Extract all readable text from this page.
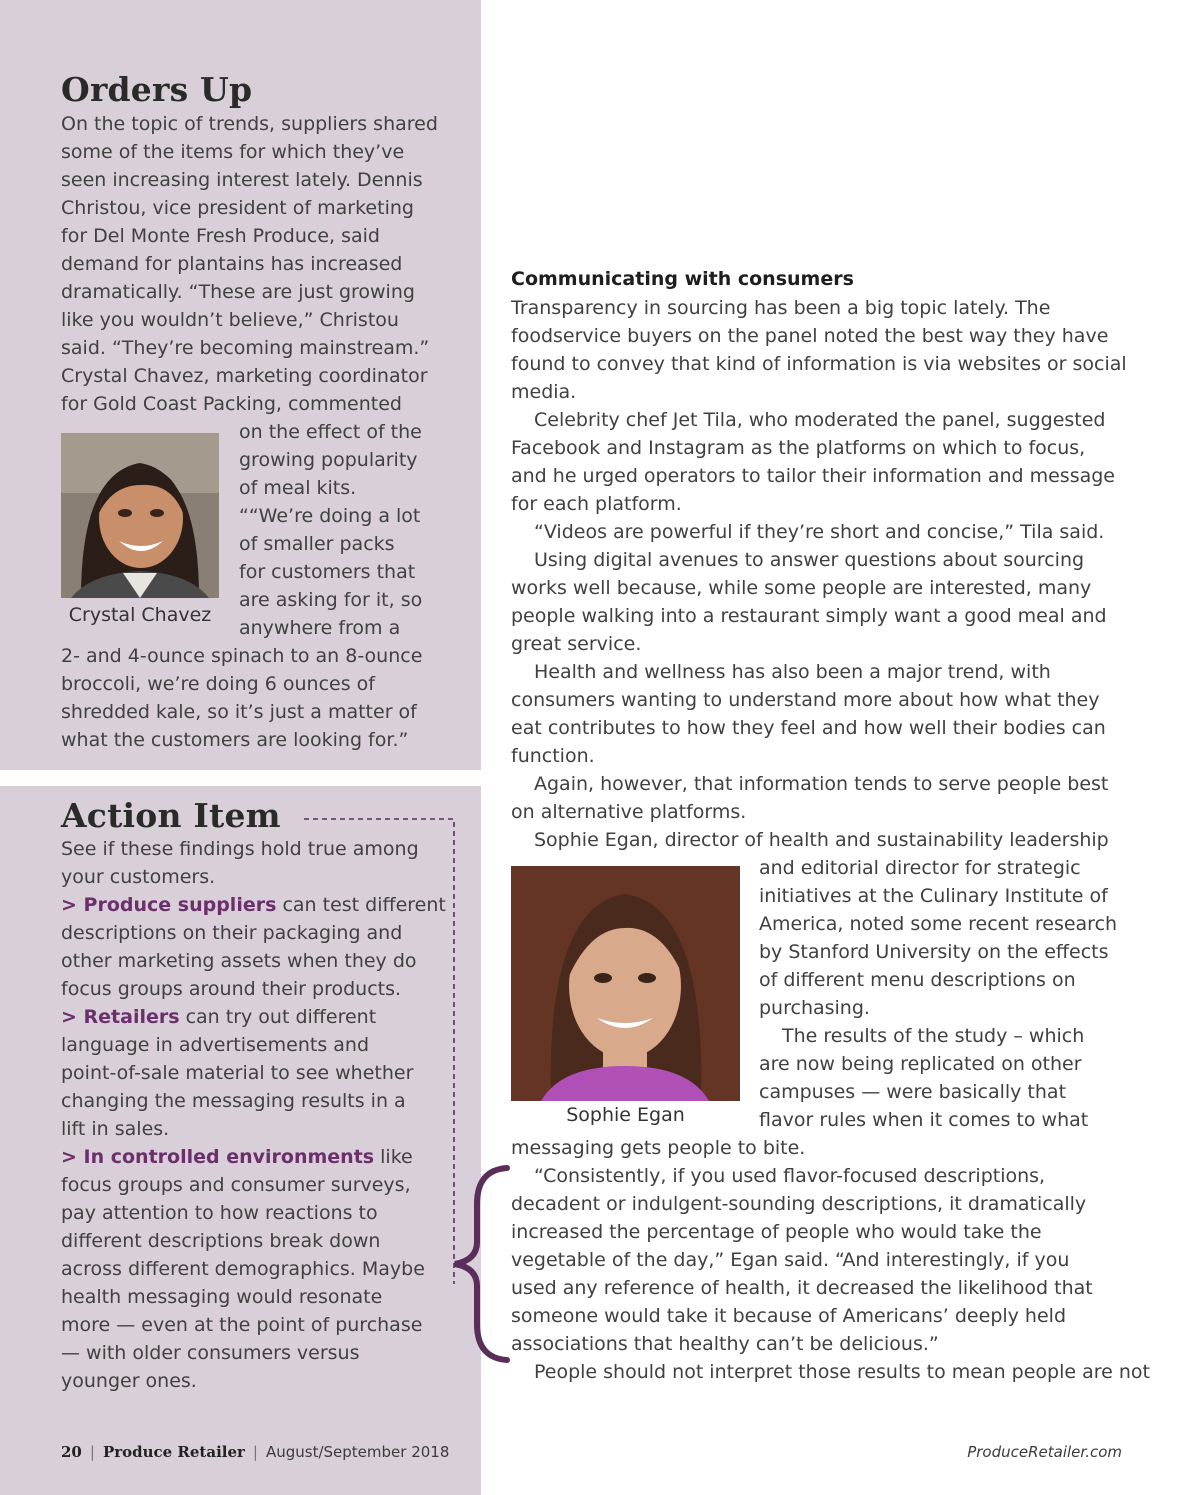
Orders Up
On the topic of trends, suppliers shared
some of the items for which they’ve
seen increasing interest lately. Dennis
Christou, vice president of marketing
for Del Monte Fresh Produce, said
demand for plantains has increased
dramatically. “These are just growing
like you wouldn’t believe,” Christou
said. “They’re becoming mainstream.”
Crystal Chavez, marketing coordinator
for Gold Coast Packing, commented
on the effect of the
growing popularity
of meal kits.
““We’re doing a lot
of smaller packs
for customers that
are asking for it, so
anywhere from a
2- and 4-ounce spinach to an 8-ounce
broccoli, we’re doing 6 ounces of
shredded kale, so it’s just a matter of
what the customers are looking for.”

Crystal Chavez

Action Item
See if these findings hold true among
your customers.
> Produce suppliers can test different
descriptions on their packaging and
other marketing assets when they do
focus groups around their products.
> Retailers can try out different
language in advertisements and
point-of-sale material to see whether
changing the messaging results in a
lift in sales.
> In controlled environments like
focus groups and consumer surveys,
pay attention to how reactions to
different descriptions break down
across different demographics. Maybe
health messaging would resonate
more — even at the point of purchase
— with older consumers versus
younger ones.
Communicating with consumers
Transparency in sourcing has been a big topic lately. The
foodservice buyers on the panel noted the best way they have
found to convey that kind of information is via websites or social
media.
Celebrity chef Jet Tila, who moderated the panel, suggested
Facebook and Instagram as the platforms on which to focus,
and he urged operators to tailor their information and message
for each platform.
“Videos are powerful if they’re short and concise,” Tila said.
Using digital avenues to answer questions about sourcing
works well because, while some people are interested, many
people walking into a restaurant simply want a good meal and
great service.
Health and wellness has also been a major trend, with
consumers wanting to understand more about how what they
eat contributes to how they feel and how well their bodies can
function.
Again, however, that information tends to serve people best
on alternative platforms.
Sophie Egan, director of health and sustainability leadership

Sophie Egan

and editorial director for strategic
initiatives at the Culinary Institute of
America, noted some recent research
by Stanford University on the effects
of different menu descriptions on
purchasing.
The results of the study – which
are now being replicated on other
campuses — were basically that
flavor rules when it comes to what
messaging gets people to bite.
“Consistently, if you used flavor-focused descriptions,
decadent or indulgent-sounding descriptions, it dramatically
increased the percentage of people who would take the
vegetable of the day,” Egan said. “And interestingly, if you
used any reference of health, it decreased the likelihood that
someone would take it because of Americans’ deeply held
associations that healthy can’t be delicious.”
People should not interpret those results to mean people are not
20 | Produce Retailer | August/September 2018	ProduceRetailer.com
